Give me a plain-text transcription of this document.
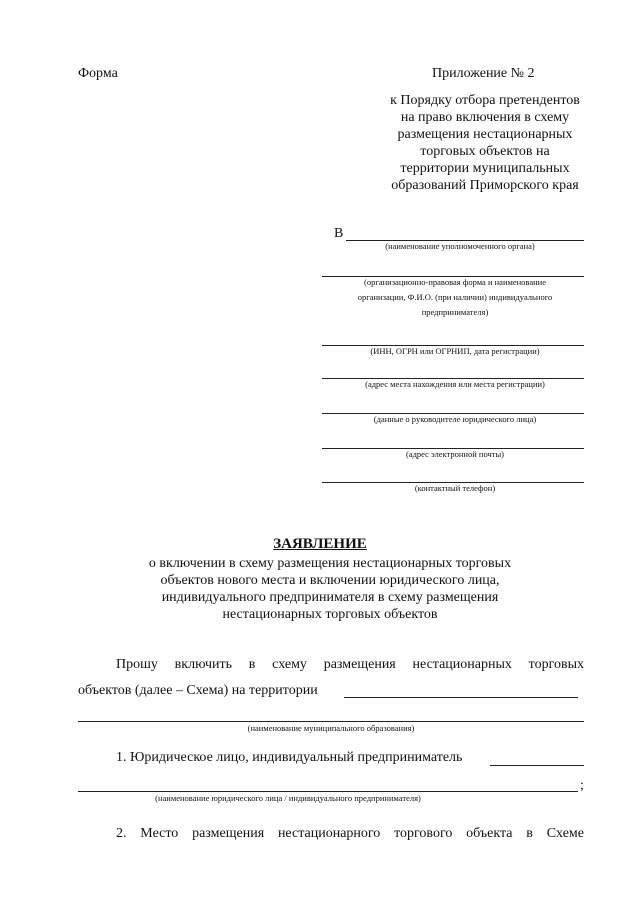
Форма	Приложение № 2
к Порядку отбора претендентов
на право включения в схему
размещения нестационарных
торговых объектов на
территории муниципальных
образований Приморского края
В
(наименование уполномоченного органа)
(организационно-правовая форма и наименование
организации, Ф.И.О. (при наличии) индивидуального
предпринимателя)
(ИНН, ОГРН или ОГРНИП, дата регистрации)
(адрес места нахождения или места регистрации)
(данные о руководителе юридического лица)
(адрес электронной почты)
(контактный телефон)
ЗАЯВЛЕНИЕ
о включении в схему размещения нестационарных торговых
объектов нового места и включении юридического лица,
индивидуального предпринимателя в схему размещения
нестационарных торговых объектов
Прошу включить в схему размещения нестационарных торговых
объектов (далее – Схема) на территории
(наименование муниципального образования)
1. Юридическое лицо, индивидуальный предприниматель
;
(наименование юридического лица / индивидуального предпринимателя)
2. Место размещения нестационарного торгового объекта в Схеме
